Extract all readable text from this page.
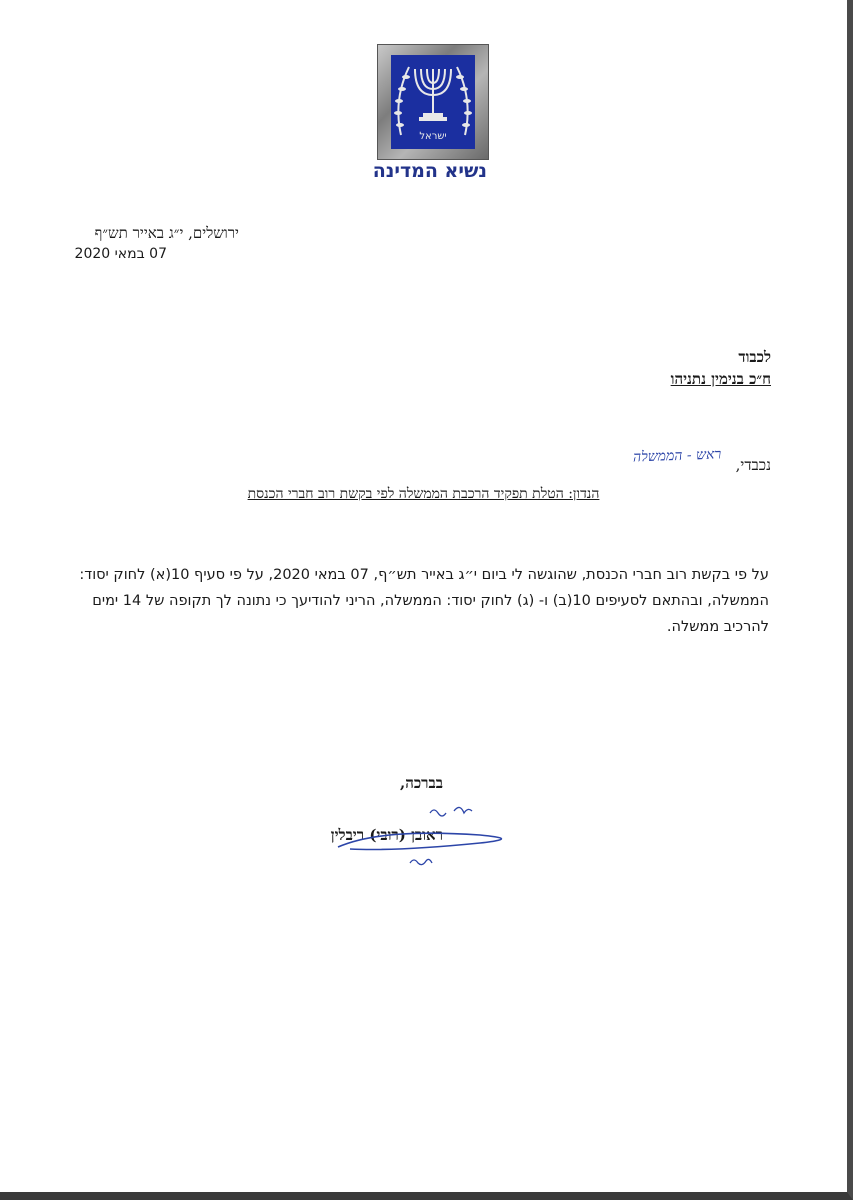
ישראל
נשיא המדינה
ירושלים, י״ג באייר תש״ף
07 במאי 2020
לכבוד
ח״כ בנימין נתניהו
נכבדי,
ראש - הממשלה
הנדון: הטלת תפקיד הרכבת הממשלה לפי בקשת רוב חברי הכנסת
על פי בקשת רוב חברי הכנסת, שהוגשה לי ביום י״ג באייר תש״ף, 07 במאי 2020, על פי סעיף 10(א) לחוק יסוד:
הממשלה, ובהתאם לסעיפים 10(ב) ו- (ג) לחוק יסוד: הממשלה, הריני להודיעך כי נתונה לך תקופה של 14 ימים
להרכיב ממשלה.
בברכה,
ראובן (רובי) ריבלין
